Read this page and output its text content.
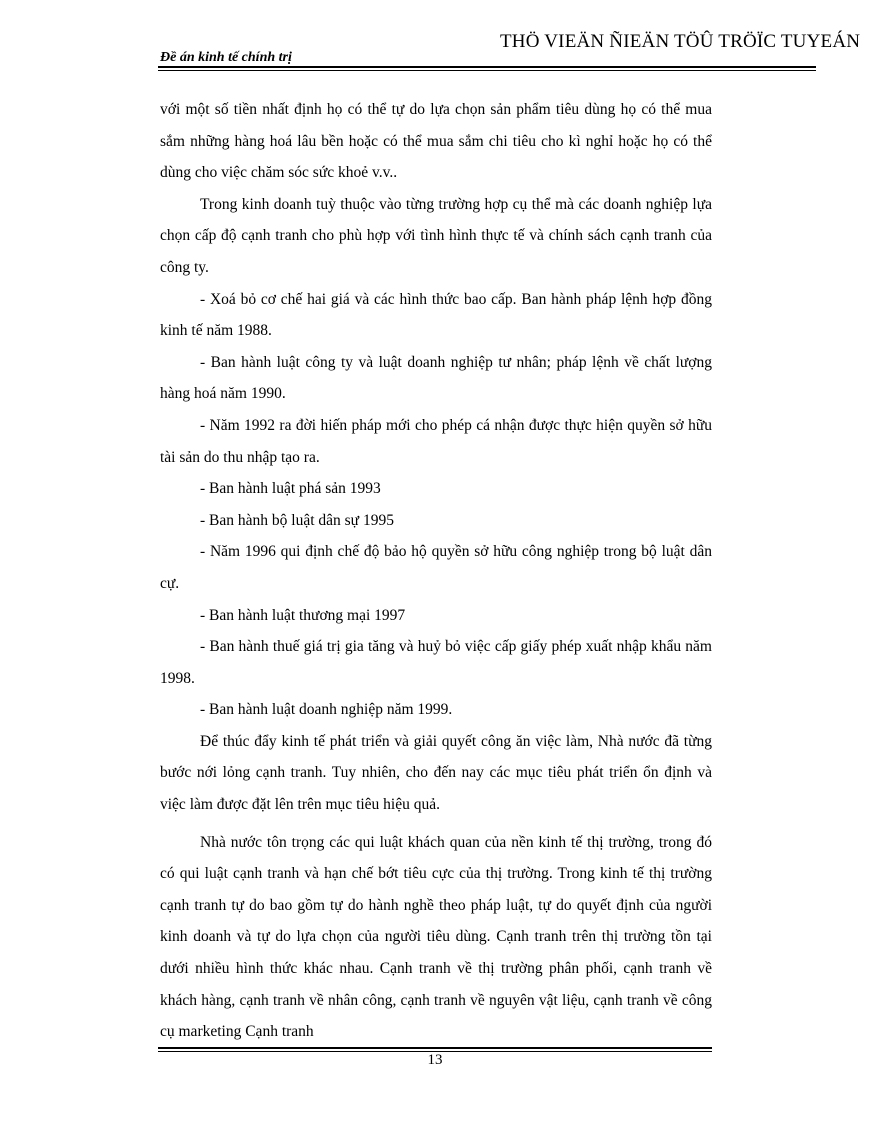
Đề án kinh tế chính trị
THÖ VIEÄN ÑIEÄN TÖÛ TRÖÏC TUYEÁN

với một số tiền nhất định họ có thể tự do lựa chọn sản phẩm tiêu dùng họ có thể mua sắm những hàng hoá lâu bền hoặc có thể mua sắm chi tiêu cho kì nghỉ hoặc họ có thể dùng cho việc chăm sóc sức khoẻ v.v..

Trong kinh doanh tuỳ thuộc vào từng trường hợp cụ thể mà các doanh nghiệp lựa chọn cấp độ cạnh tranh cho phù hợp với tình hình thực tế và chính sách cạnh tranh của công ty.

- Xoá bỏ cơ chế hai giá và các hình thức bao cấp. Ban hành pháp lệnh hợp đồng kinh tế năm 1988.

- Ban hành luật công ty và luật doanh nghiệp tư nhân; pháp lệnh về chất lượng hàng hoá năm 1990.

- Năm 1992 ra đời hiến pháp mới cho phép cá nhận được thực hiện quyền sở hữu tài sản do thu nhập tạo ra.

- Ban hành luật phá sản 1993

- Ban hành bộ luật dân sự 1995

- Năm 1996 qui định chế độ bảo hộ quyền sở hữu công nghiệp trong bộ luật dân cự.

- Ban hành luật thương mại 1997

- Ban hành thuế giá trị gia tăng và huỷ bỏ việc cấp giấy phép xuất nhập khẩu năm 1998.

- Ban hành luật doanh nghiệp năm 1999.

Để thúc đẩy kinh tế phát triển và giải quyết công ăn việc làm, Nhà nước đã từng bước nới lỏng cạnh tranh. Tuy nhiên, cho đến nay các mục tiêu phát triển ổn định và việc làm được đặt lên trên mục tiêu hiệu quả.

Nhà nước tôn trọng các qui luật khách quan của nền kinh tế thị trường, trong đó có qui luật cạnh tranh và hạn chế bớt tiêu cực của thị trường. Trong kinh tế thị trường cạnh tranh tự do bao gồm tự do hành nghề theo pháp luật, tự do quyết định của người kinh doanh và tự do lựa chọn của người tiêu dùng. Cạnh tranh trên thị trường tồn tại dưới nhiều hình thức khác nhau. Cạnh tranh về thị trường phân phối, cạnh tranh về khách hàng, cạnh tranh về nhân công, cạnh tranh về nguyên vật liệu, cạnh tranh về công cụ marketing Cạnh tranh

13
